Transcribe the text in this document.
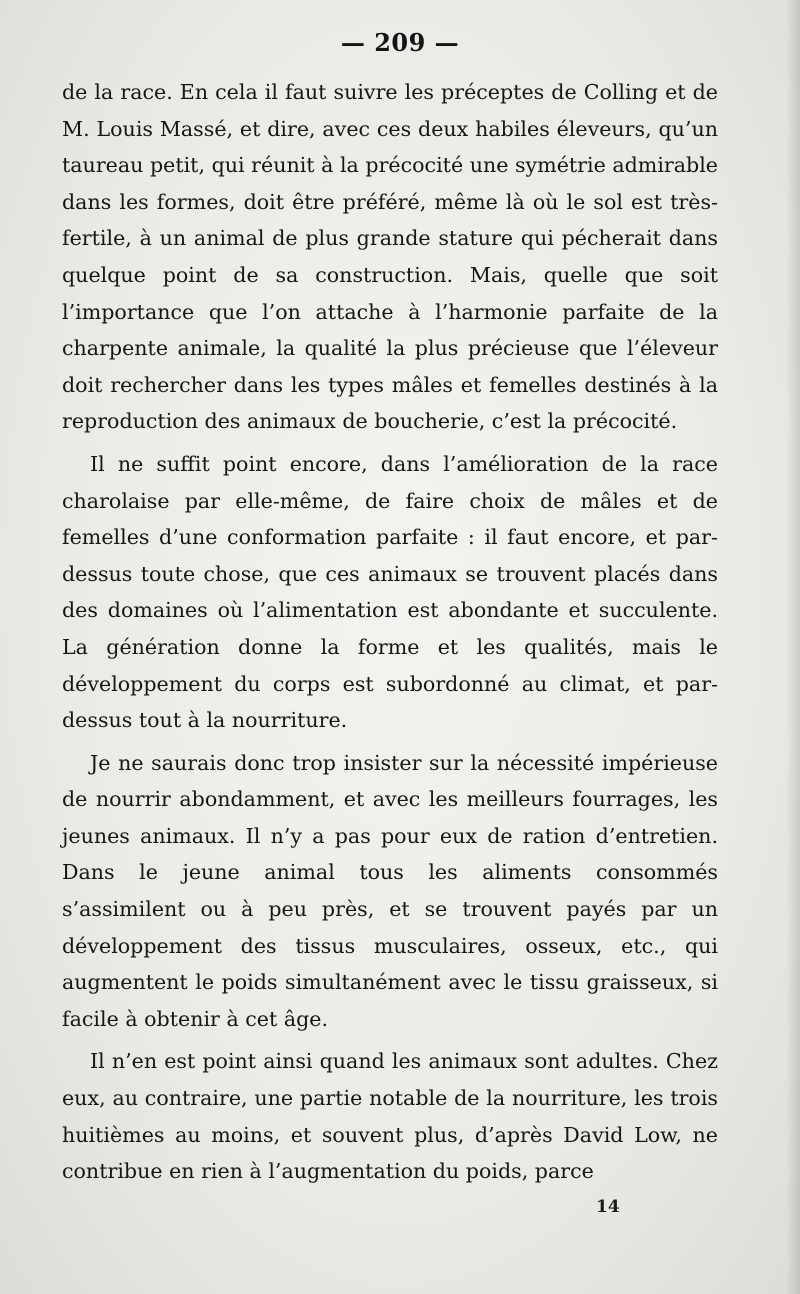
— 209 —

de la race. En cela il faut suivre les préceptes de Colling et de M. Louis Massé, et dire, avec ces deux habiles éleveurs, qu’un taureau petit, qui réunit à la précocité une symétrie admirable dans les formes, doit être préféré, même là où le sol est très-fertile, à un animal de plus grande stature qui pécherait dans quelque point de sa construction. Mais, quelle que soit l’importance que l’on attache à l’harmonie parfaite de la charpente animale, la qualité la plus précieuse que l’éleveur doit rechercher dans les types mâles et femelles destinés à la reproduction des animaux de boucherie, c’est la précocité.

Il ne suffit point encore, dans l’amélioration de la race charolaise par elle-même, de faire choix de mâles et de femelles d’une conformation parfaite : il faut encore, et par-dessus toute chose, que ces animaux se trouvent placés dans des domaines où l’alimentation est abondante et succulente. La génération donne la forme et les qualités, mais le développement du corps est subordonné au climat, et par-dessus tout à la nourriture.

Je ne saurais donc trop insister sur la nécessité impérieuse de nourrir abondamment, et avec les meilleurs fourrages, les jeunes animaux. Il n’y a pas pour eux de ration d’entretien. Dans le jeune animal tous les aliments consommés s’assimilent ou à peu près, et se trouvent payés par un développement des tissus musculaires, osseux, etc., qui augmentent le poids simultanément avec le tissu graisseux, si facile à obtenir à cet âge.

Il n’en est point ainsi quand les animaux sont adultes. Chez eux, au contraire, une partie notable de la nourriture, les trois huitièmes au moins, et souvent plus, d’après David Low, ne contribue en rien à l’augmentation du poids, parce

14
